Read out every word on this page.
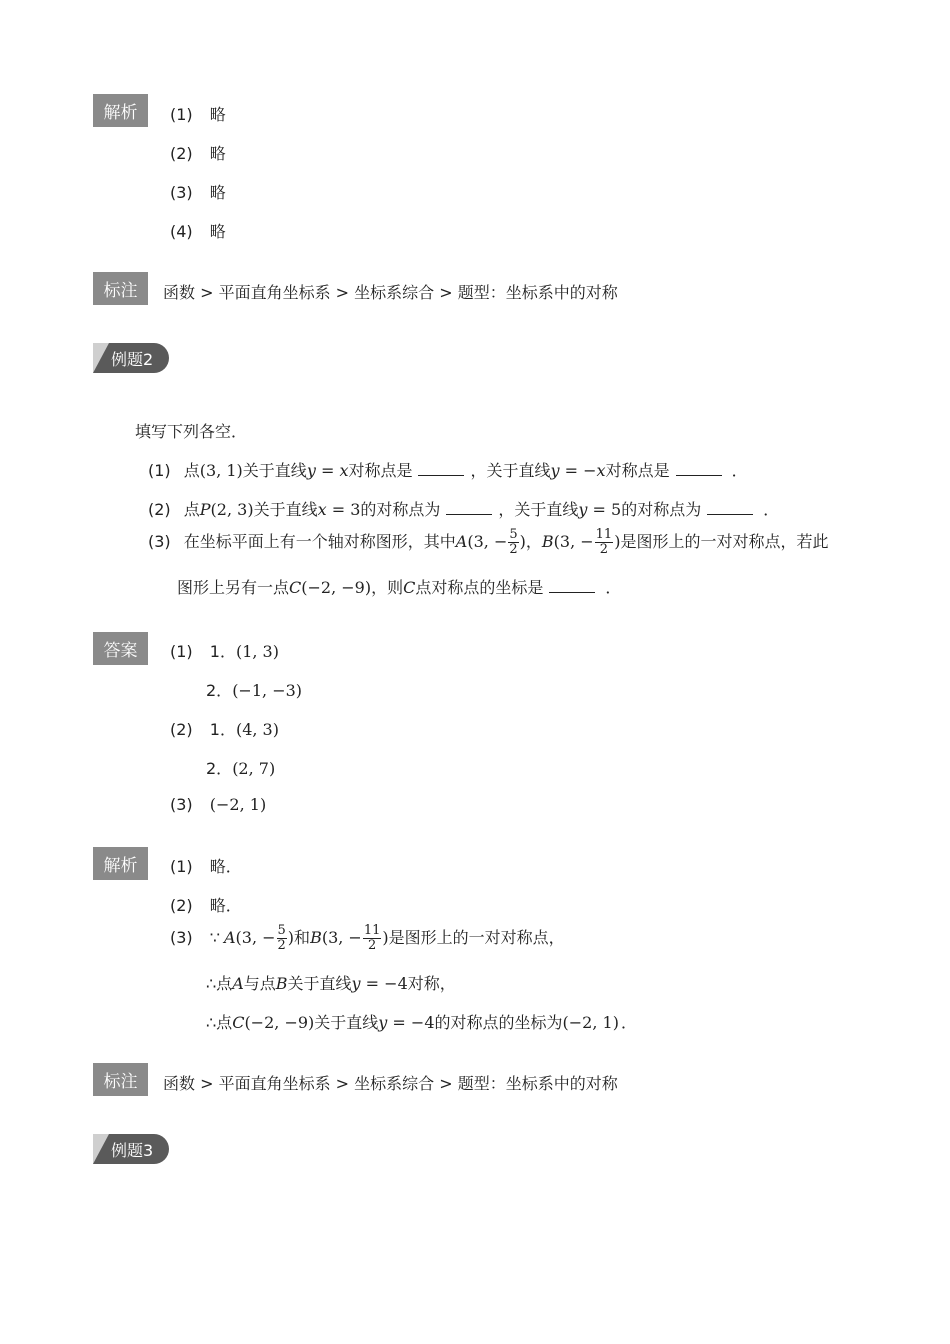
解析	(1) 略
(2) 略
(3) 略
(4) 略
标注	函数 > 平面直角坐标系 > 坐标系综合 > 题型：坐标系中的对称
例题2
填写下列各空．
(1) 点(3, 1)关于直线y = x对称点是	，关于直线y = −x对称点是	．
(2) 点P(2, 3)关于直线x = 3的对称点为	，关于直线y = 5的对称点为	．
(3) 在坐标平面上有一个轴对称图形，其中A(3, − $\frac{5}{2}$ )，B(3, − $\frac{11}{2}$ )是图形上的一对对称点，若此
图形上另有一点C(−2, −9)，则C点对称点的坐标是	．
答案	(1) 1．(1, 3)
2．(−1, −3)
(2) 1．(4, 3)
2．(2, 7)
(3) (−2, 1)
解析	(1) 略．
(2) 略．
(3) ∵ A(3, − $\frac{5}{2}$ )和B(3, − $\frac{11}{2}$ )是图形上的一对对称点，
∴点A与点B关于直线y = −4对称，
∴点C(−2, −9)关于直线y = −4的对称点的坐标为(−2, 1) ．
标注	函数 > 平面直角坐标系 > 坐标系综合 > 题型：坐标系中的对称
例题3
